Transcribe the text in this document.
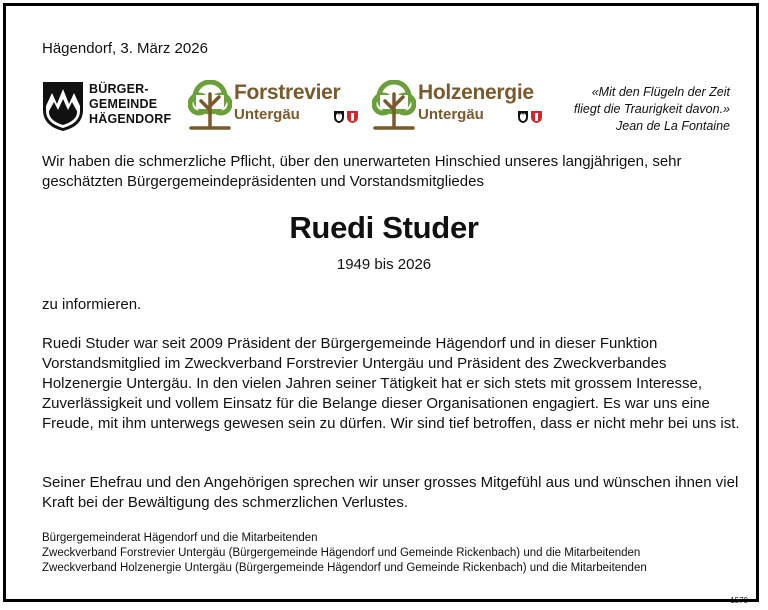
Hägendorf, 3. März 2026
BÜRGER-
GEMEINDE
HÄGENDORF
Forstrevier
Untergäu
Holzenergie
Untergäu
«Mit den Flügeln der Zeit
fliegt die Traurigkeit davon.»
Jean de La Fontaine
Wir haben die schmerzliche Pflicht, über den unerwarteten Hinschied unseres langjährigen, sehr geschätzten Bürgergemeindepräsidenten und Vorstandsmitgliedes
Ruedi Studer
1949 bis 2026
zu informieren.
Ruedi Studer war seit 2009 Präsident der Bürgergemeinde Hägendorf und in dieser Funktion Vorstandsmitglied im Zweckverband Forstrevier Untergäu und Präsident des Zweckverbandes Holzenergie Untergäu. In den vielen Jahren seiner Tätigkeit hat er sich stets mit grossem Interesse, Zuverlässigkeit und vollem Einsatz für die Belange dieser Organisationen engagiert. Es war uns eine Freude, mit ihm unterwegs gewesen sein zu dürfen. Wir sind tief betroffen, dass er nicht mehr bei uns ist.
Seiner Ehefrau und den Angehörigen sprechen wir unser grosses Mitgefühl aus und wünschen ihnen viel Kraft bei der Bewältigung des schmerzlichen Verlustes.
Bürgergemeinderat Hägendorf und die Mitarbeitenden
Zweckverband Forstrevier Untergäu (Bürgergemeinde Hägendorf und Gemeinde Rickenbach) und die Mitarbeitenden
Zweckverband Holzenergie Untergäu (Bürgergemeinde Hägendorf und Gemeinde Rickenbach) und die Mitarbeitenden
1570
